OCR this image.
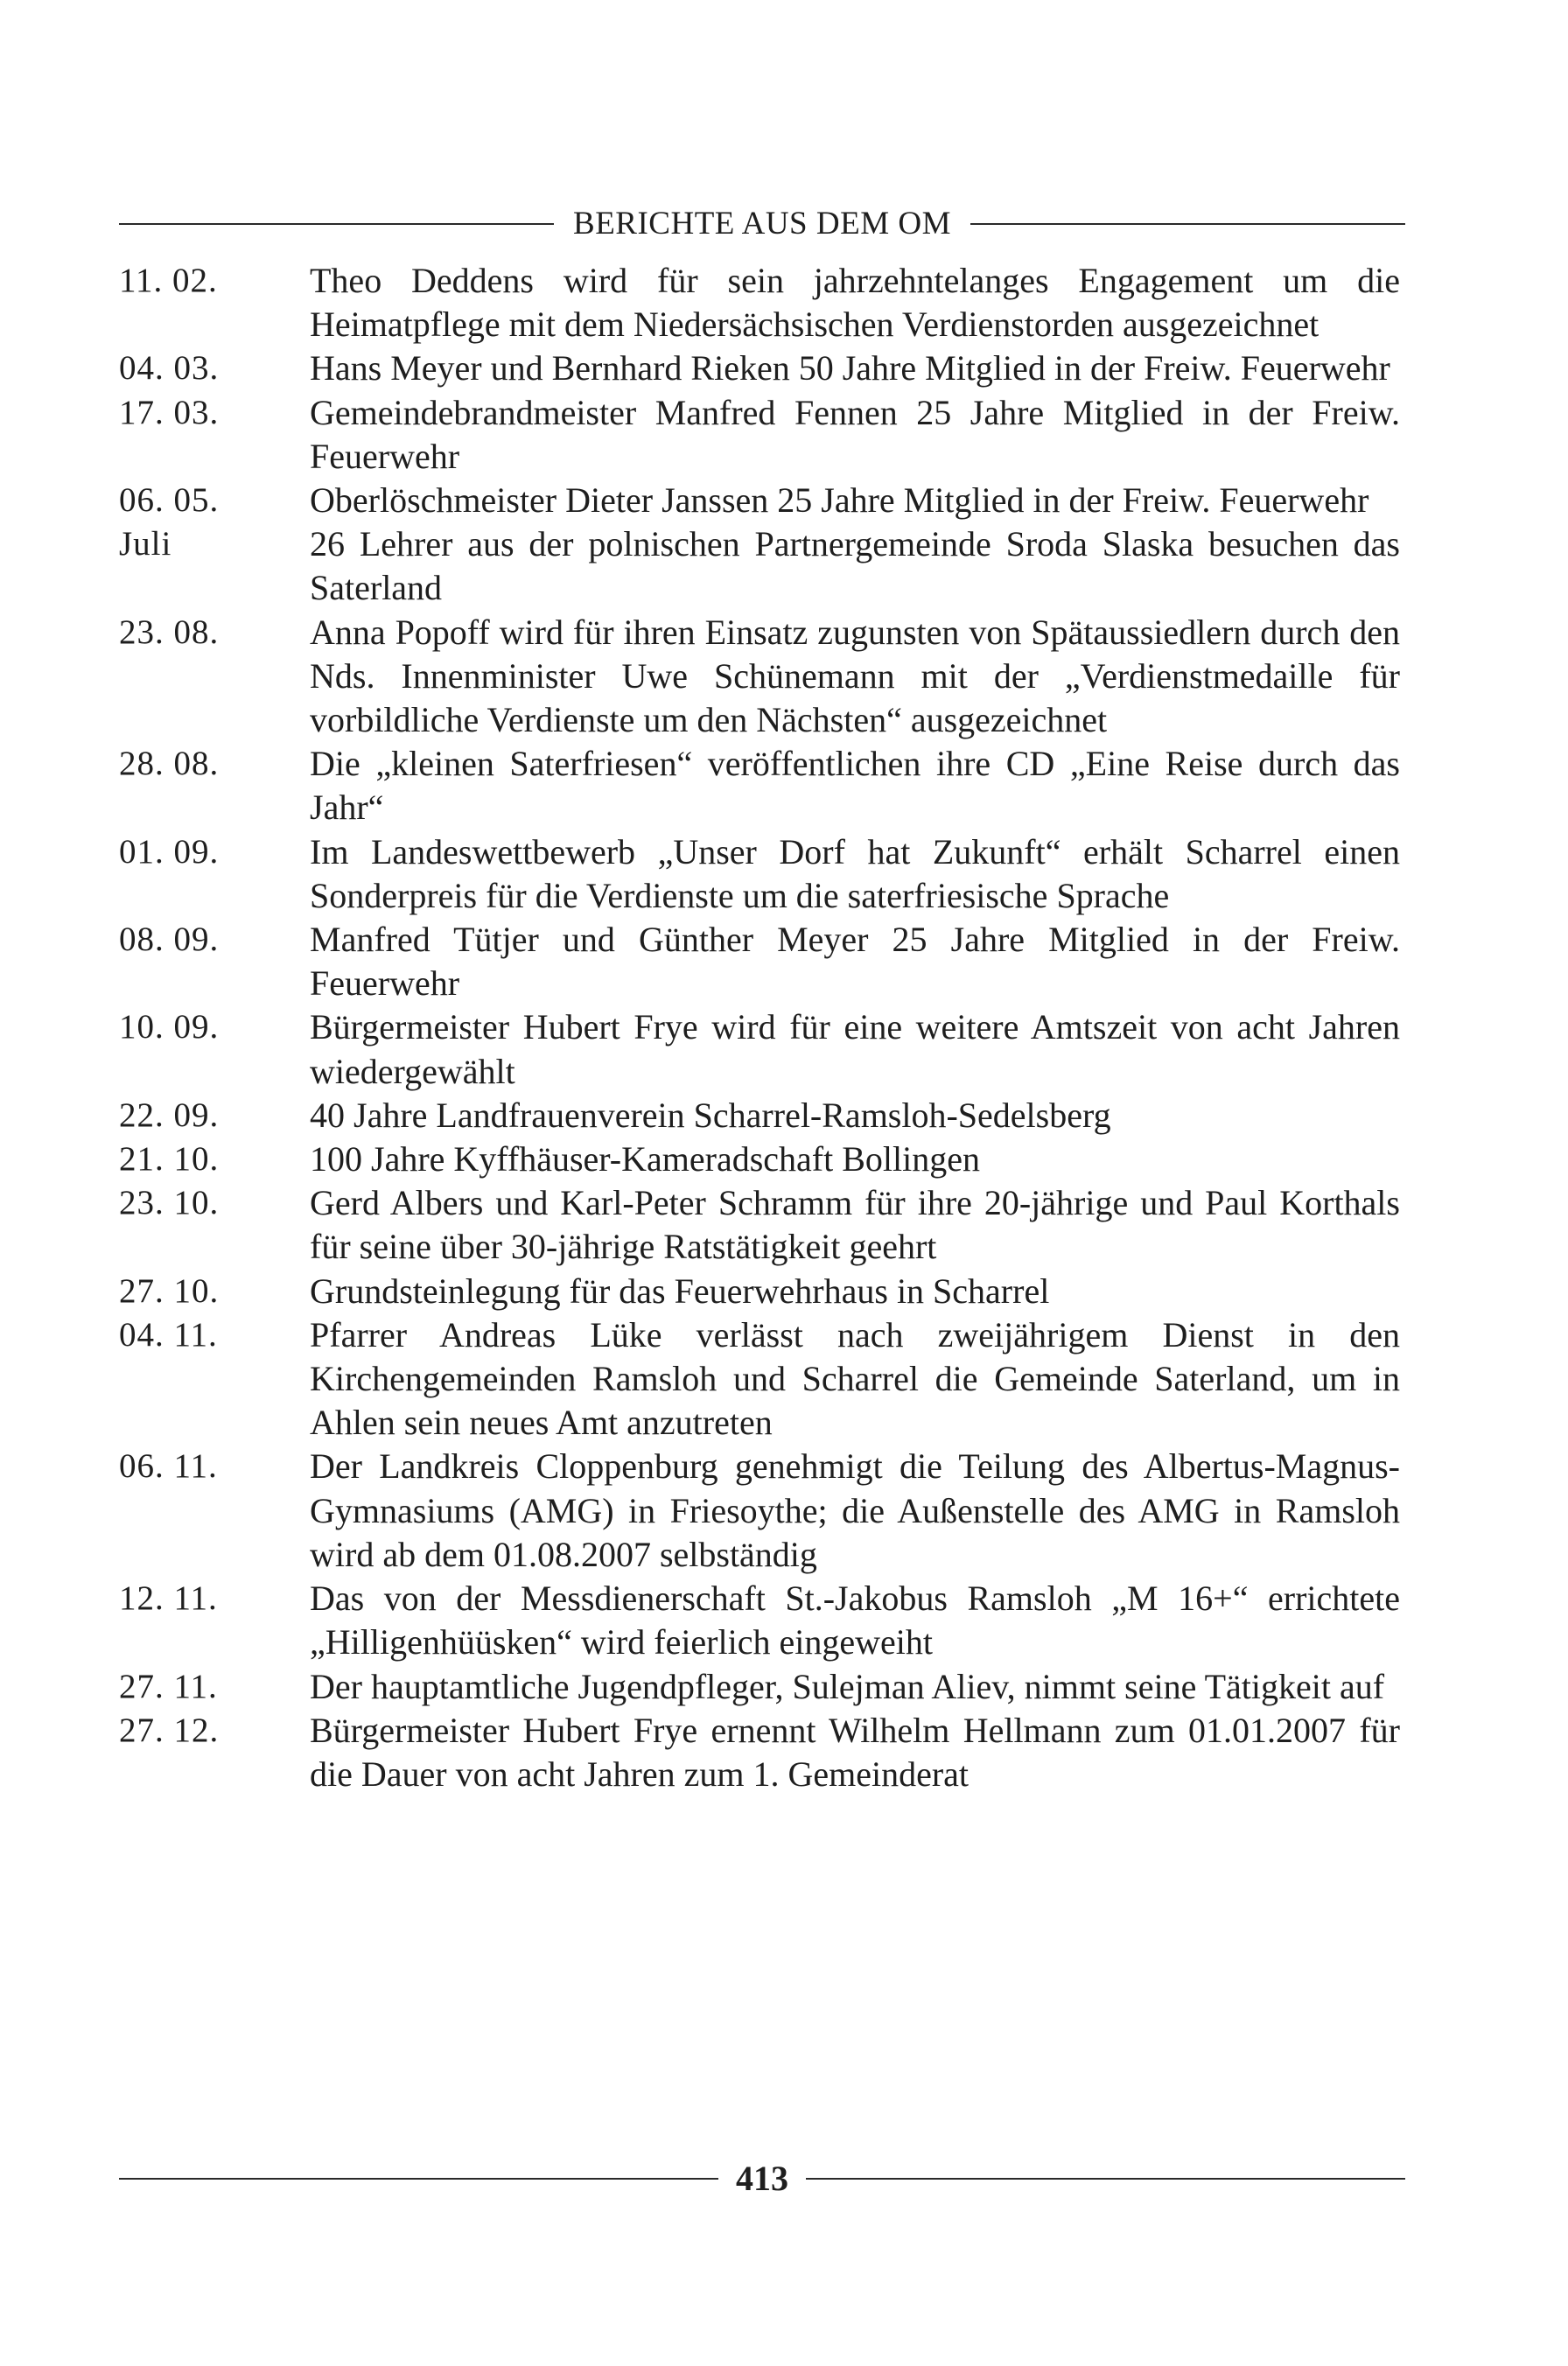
BERICHTE AUS DEM OM
11. 02.	Theo Deddens wird für sein jahrzehntelanges Engagement um die Heimatpflege mit dem Niedersächsischen Verdienstorden ausgezeichnet
04. 03.	Hans Meyer und Bernhard Rieken 50 Jahre Mitglied in der Freiw. Feuerwehr
17. 03.	Gemeindebrandmeister Manfred Fennen 25 Jahre Mitglied in der Freiw. Feuerwehr
06. 05.	Oberlöschmeister Dieter Janssen 25 Jahre Mitglied in der Freiw. Feuerwehr
Juli	26 Lehrer aus der polnischen Partnergemeinde Sroda Slaska besuchen das Saterland
23. 08.	Anna Popoff wird für ihren Einsatz zugunsten von Spätaussiedlern durch den Nds. Innenminister Uwe Schünemann mit der „Verdienstmedaille für vorbildliche Verdienste um den Nächsten“ ausgezeichnet
28. 08.	Die „kleinen Saterfriesen“ veröffentlichen ihre CD „Eine Reise durch das Jahr“
01. 09.	Im Landeswettbewerb „Unser Dorf hat Zukunft“ erhält Scharrel einen Sonderpreis für die Verdienste um die saterfriesische Sprache
08. 09.	Manfred Tütjer und Günther Meyer 25 Jahre Mitglied in der Freiw. Feuerwehr
10. 09.	Bürgermeister Hubert Frye wird für eine weitere Amtszeit von acht Jahren wiedergewählt
22. 09.	40 Jahre Landfrauenverein Scharrel-Ramsloh-Sedelsberg
21. 10.	100 Jahre Kyffhäuser-Kameradschaft Bollingen
23. 10.	Gerd Albers und Karl-Peter Schramm für ihre 20-jährige und Paul Korthals für seine über 30-jährige Ratstätigkeit geehrt
27. 10.	Grundsteinlegung für das Feuerwehrhaus in Scharrel
04. 11.	Pfarrer Andreas Lüke verlässt nach zweijährigem Dienst in den Kirchengemeinden Ramsloh und Scharrel die Gemeinde Saterland, um in Ahlen sein neues Amt anzutreten
06. 11.	Der Landkreis Cloppenburg genehmigt die Teilung des Albertus-Magnus-Gymnasiums (AMG) in Friesoythe; die Außenstelle des AMG in Ramsloh wird ab dem 01.08.2007 selbständig
12. 11.	Das von der Messdienerschaft St.-Jakobus Ramsloh „M 16+“ errichtete „Hilligenhüüsken“ wird feierlich eingeweiht
27. 11.	Der hauptamtliche Jugendpfleger, Sulejman Aliev, nimmt seine Tätigkeit auf
27. 12.	Bürgermeister Hubert Frye ernennt Wilhelm Hellmann zum 01.01.2007 für die Dauer von acht Jahren zum 1. Gemeinderat
413
